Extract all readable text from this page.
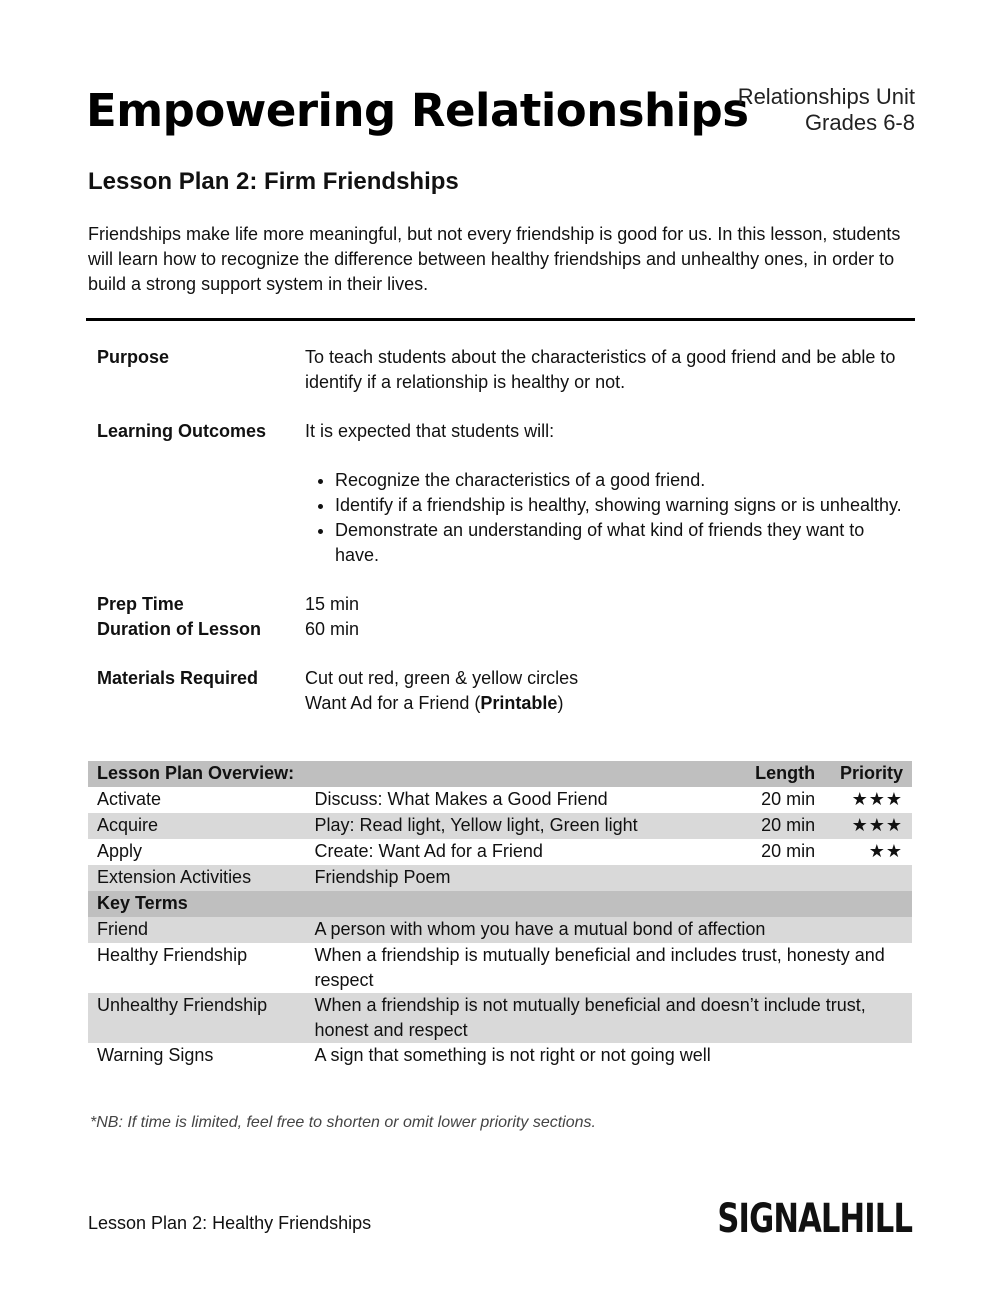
Empowering Relationships
Relationships Unit
Grades 6-8
Lesson Plan 2: Firm Friendships

Friendships make life more meaningful, but not every friendship is good for us. In this lesson, students will learn how to recognize the difference between healthy friendships and unhealthy ones, in order to build a strong support system in their lives.

Purpose	To teach students about the characteristics of a good friend and be able to identify if a relationship is healthy or not.

Learning Outcomes	It is expected that students will:

• Recognize the characteristics of a good friend.
• Identify if a friendship is healthy, showing warning signs or is unhealthy.
• Demonstrate an understanding of what kind of friends they want to have.
Prep Time	15 min

Duration of Lesson	60 min

Materials Required	Cut out red, green & yellow circles

Want Ad for a Friend (Printable)

Lesson Plan Overview:		Length	Priority
Activate	Discuss: What Makes a Good Friend	20 min	★★★
Acquire	Play: Read light, Yellow light, Green light	20 min	★★★
Apply	Create: Want Ad for a Friend	20 min	★★
Extension Activities	Friendship Poem		
Key Terms			
Friend	A person with whom you have a mutual bond of affection		
Healthy Friendship	When a friendship is mutually beneficial and includes trust, honesty and respect		
Unhealthy Friendship	When a friendship is not mutually beneficial and doesn’t include trust, honest and respect		
Warning Signs	A sign that something is not right or not going well		

*NB: If time is limited, feel free to shorten or omit lower priority sections.

Lesson Plan 2: Healthy Friendships	SIGNALHILL
